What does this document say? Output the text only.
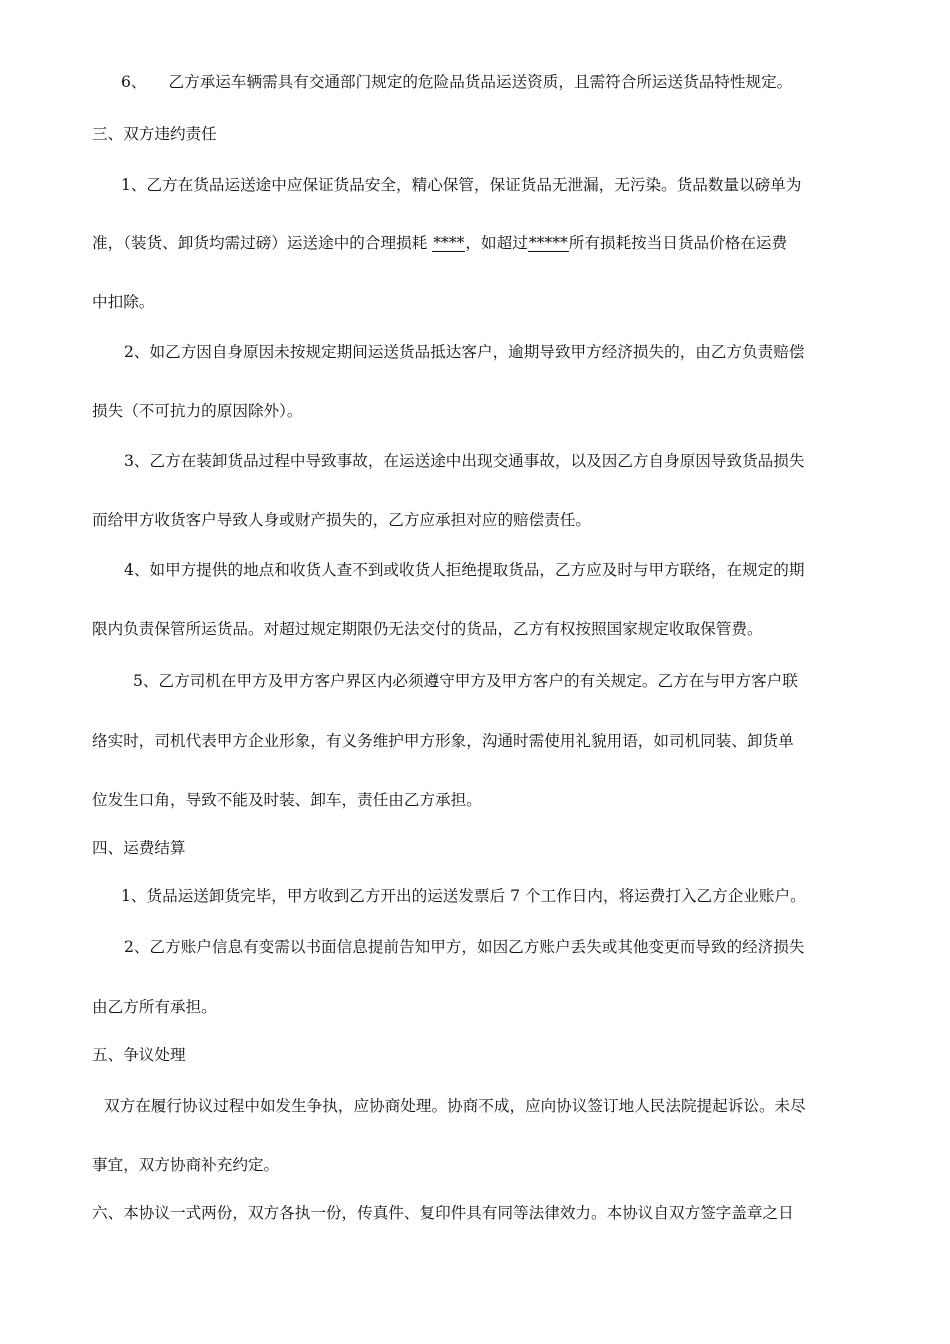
6、 乙方承运车辆需具有交通部门规定的危险品货品运送资质，且需符合所运送货品特性规定。
三、双方违约责任
1、乙方在货品运送途中应保证货品安全，精心保管，保证货品无泄漏，无污染。货品数量以磅单为
准，（装货、卸货均需过磅）运送途中的合理损耗 ****，如超过*****所有损耗按当日货品价格在运费
中扣除。
2、如乙方因自身原因未按规定期间运送货品抵达客户，逾期导致甲方经济损失的，由乙方负责赔偿
损失（不可抗力的原因除外）。
3、乙方在装卸货品过程中导致事故，在运送途中出现交通事故，以及因乙方自身原因导致货品损失
而给甲方收货客户导致人身或财产损失的，乙方应承担对应的赔偿责任。
4、如甲方提供的地点和收货人查不到或收货人拒绝提取货品，乙方应及时与甲方联络，在规定的期
限内负责保管所运货品。对超过规定期限仍无法交付的货品，乙方有权按照国家规定收取保管费。
5、乙方司机在甲方及甲方客户界区内必须遵守甲方及甲方客户的有关规定。乙方在与甲方客户联
络实时，司机代表甲方企业形象，有义务维护甲方形象，沟通时需使用礼貌用语，如司机同装、卸货单
位发生口角，导致不能及时装、卸车，责任由乙方承担。
四、运费结算
1、货品运送卸货完毕，甲方收到乙方开出的运送发票后 7 个工作日内，将运费打入乙方企业账户。
2、乙方账户信息有变需以书面信息提前告知甲方，如因乙方账户丢失或其他变更而导致的经济损失
由乙方所有承担。
五、争议处理
双方在履行协议过程中如发生争执，应协商处理。协商不成，应向协议签订地人民法院提起诉讼。未尽
事宜，双方协商补充约定。
六、本协议一式两份，双方各执一份，传真件、复印件具有同等法律效力。本协议自双方签字盖章之日
